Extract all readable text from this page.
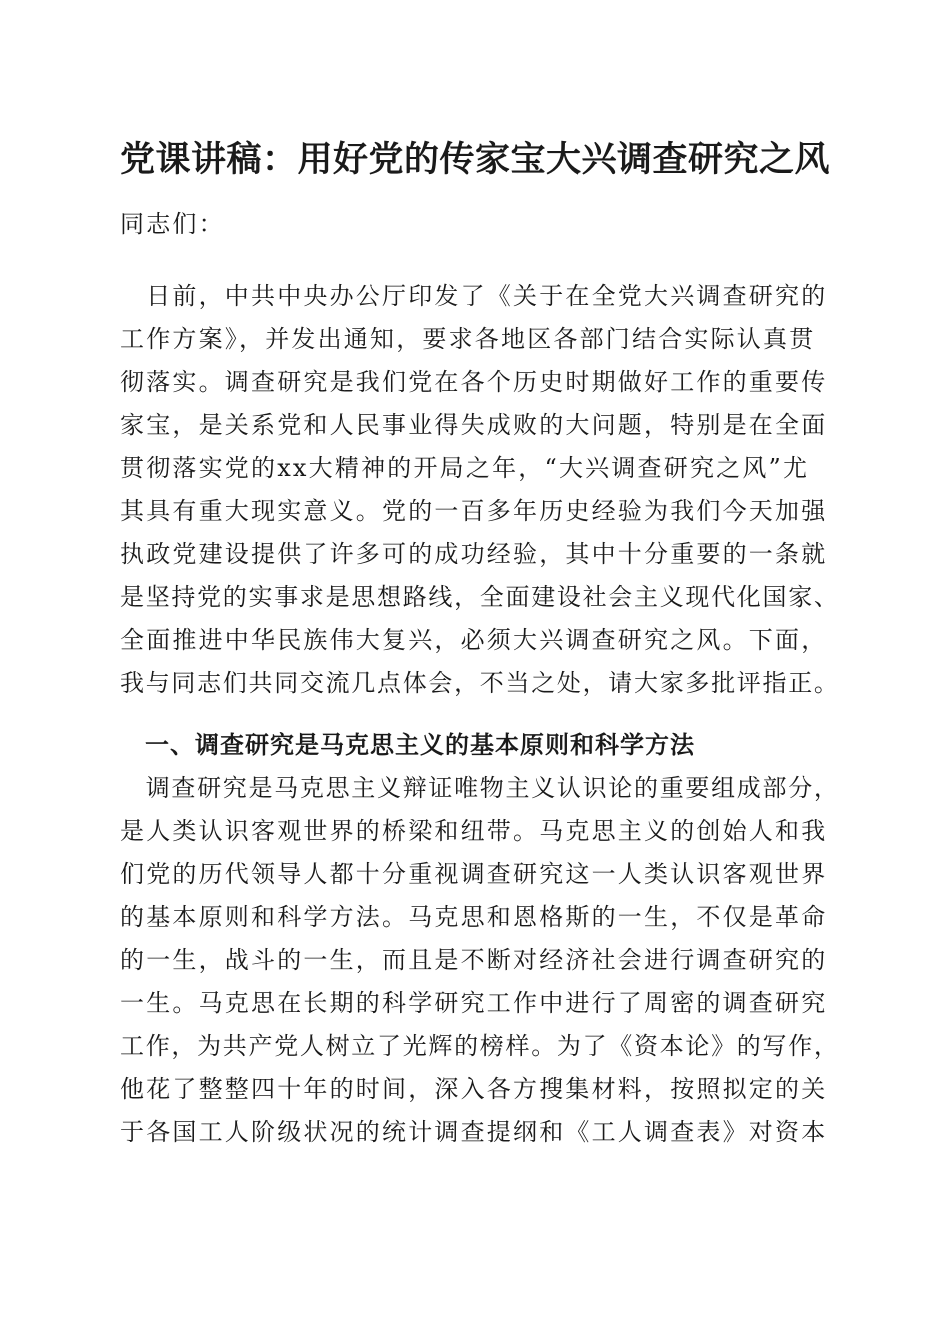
党课讲稿：用好党的传家宝大兴调查研究之风
同志们：
　日前，中共中央办公厅印发了《关于在全党大兴调查研究的
工作方案》，并发出通知，要求各地区各部门结合实际认真贯
彻落实。调查研究是我们党在各个历史时期做好工作的重要传
家宝，是关系党和人民事业得失成败的大问题，特别是在全面
贯彻落实党的xx大精神的开局之年，“大兴调查研究之风”尤
其具有重大现实意义。党的一百多年历史经验为我们今天加强
执政党建设提供了许多可的成功经验，其中十分重要的一条就
是坚持党的实事求是思想路线，全面建设社会主义现代化国家、
全面推进中华民族伟大复兴，必须大兴调查研究之风。下面，
我与同志们共同交流几点体会，不当之处，请大家多批评指正。
　一、调查研究是马克思主义的基本原则和科学方法
　调查研究是马克思主义辩证唯物主义认识论的重要组成部分，
是人类认识客观世界的桥梁和纽带。马克思主义的创始人和我
们党的历代领导人都十分重视调查研究这一人类认识客观世界
的基本原则和科学方法。马克思和恩格斯的一生，不仅是革命
的一生，战斗的一生，而且是不断对经济社会进行调查研究的
一生。马克思在长期的科学研究工作中进行了周密的调查研究
工作，为共产党人树立了光辉的榜样。为了《资本论》的写作，
他花了整整四十年的时间，深入各方搜集材料，按照拟定的关
于各国工人阶级状况的统计调查提纲和《工人调查表》对资本
